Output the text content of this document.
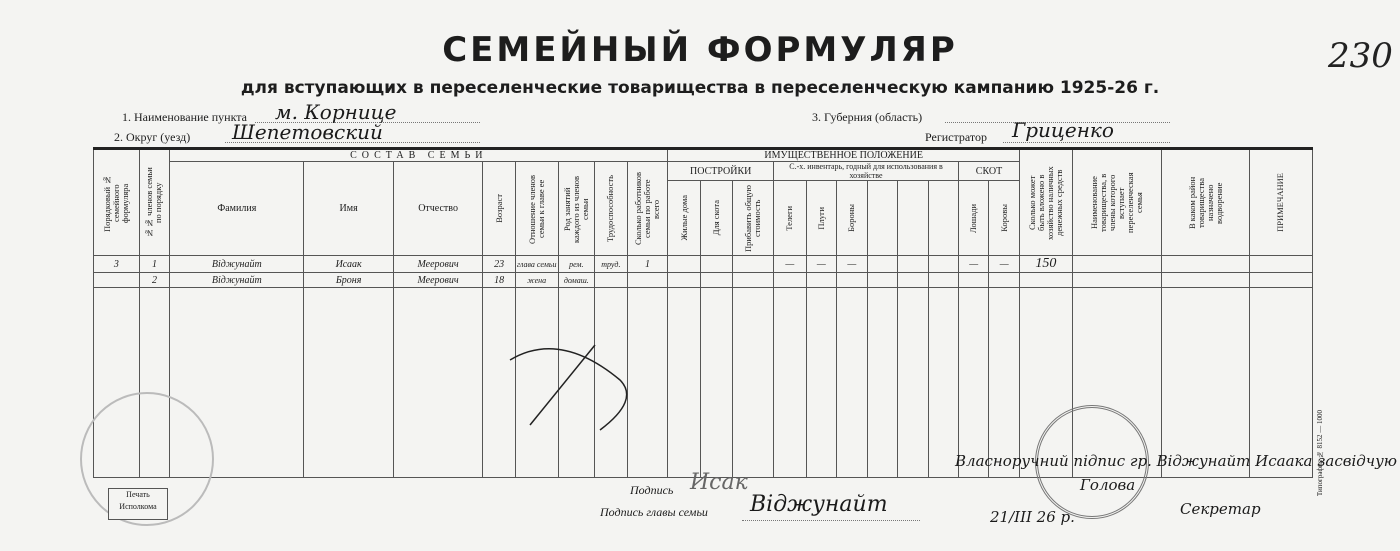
СЕМЕЙНЫЙ ФОРМУЛЯР
для вступающих в переселенческие товарищества в переселенческую кампанию 1925-26 г.
230
1. Наименование пункта м. Корнице
2. Округ (уезд) Шепетовский
3. Губерния (область)
Регистратор Гриценко
Порядковый № семейного формуляра	№№ членов семьи по порядку	СОСТАВ СЕМЬИ								ИМУЩЕСТВЕННОЕ ПОЛОЖЕНИЕ											Сколько может быть вложено в хозяйство наличных денежных средств	Наименование товарищества, в члены которого вступает переселенческая семья	В каком район товарищества назначено водворение	ПРИМЕЧАНИЕ

		Фамилия	Имя	Отчество	Возраст	Отношение членов семьи к главе ее	Род занятий каждого из членов семьи	Трудоспособность	Сколько работников семьи по работе всего	ПОСТРОЙКИ			С.-х. инвентарь, годный для использования в хозяйстве						СКОТ					

										Жилые дома	Для скота	Прибавить общую стоимость	Телеги	Плуги	Бороны				Лошади	Коровы				

3	1	Віджунайт	Исаак	Меерович	23	глава семьи	рем.	труд.	1				—	—	—				—	—	150			
	2	Віджунайт	Броня	Меерович	18	жена	домаш.																	

Печать
Исполкома
Подпись Исак
Подпись главы семьи Віджунайт
Власноручний підпис гр. Віджунайт Исаака засвідчую
Голова
21/ІІІ 26 р.	Секретар
Типография № 8152 — 1000
